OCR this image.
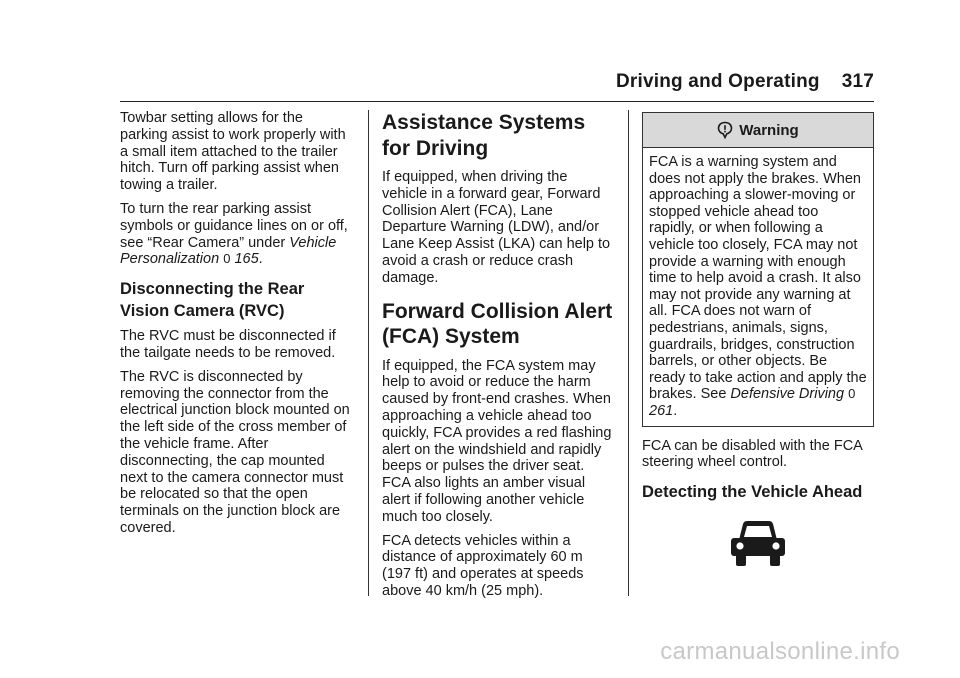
Driving and Operating 317

Towbar setting allows for the parking assist to work properly with a small item attached to the trailer hitch. Turn off parking assist when towing a trailer.

To turn the rear parking assist symbols or guidance lines on or off, see “Rear Camera” under Vehicle Personalization 0 165.

Disconnecting the Rear Vision Camera (RVC)

The RVC must be disconnected if the tailgate needs to be removed.

The RVC is disconnected by removing the connector from the electrical junction block mounted on the left side of the cross member of the vehicle frame. After disconnecting, the cap mounted next to the camera connector must be relocated so that the open terminals on the junction block are covered.

Assistance Systems for Driving

If equipped, when driving the vehicle in a forward gear, Forward Collision Alert (FCA), Lane Departure Warning (LDW), and/or Lane Keep Assist (LKA) can help to avoid a crash or reduce crash damage.

Forward Collision Alert (FCA) System

If equipped, the FCA system may help to avoid or reduce the harm caused by front-end crashes. When approaching a vehicle ahead too quickly, FCA provides a red flashing alert on the windshield and rapidly beeps or pulses the driver seat. FCA also lights an amber visual alert if following another vehicle much too closely.

FCA detects vehicles within a distance of approximately 60 m (197 ft) and operates at speeds above 40 km/h (25 mph).

Warning

FCA is a warning system and does not apply the brakes. When approaching a slower-moving or stopped vehicle ahead too rapidly, or when following a vehicle too closely, FCA may not provide a warning with enough time to help avoid a crash. It also may not provide any warning at all. FCA does not warn of pedestrians, animals, signs, guardrails, bridges, construction barrels, or other objects. Be ready to take action and apply the brakes. See Defensive Driving 0 261.

FCA can be disabled with the FCA steering wheel control.

Detecting the Vehicle Ahead
carmanualsonline.info
